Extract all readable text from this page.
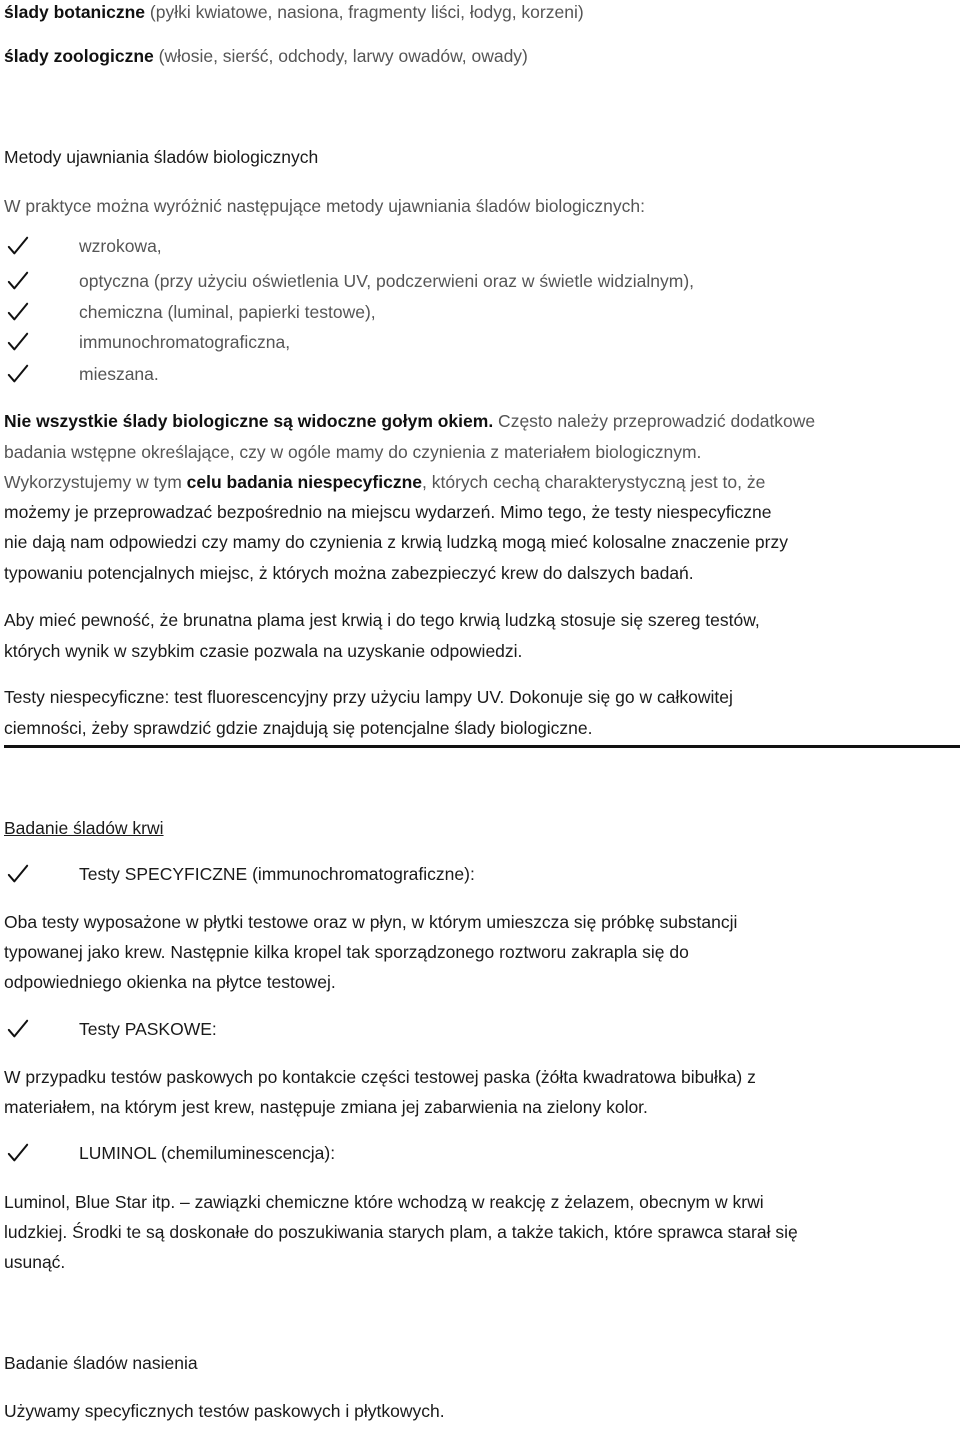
ślady botaniczne (pyłki kwiatowe, nasiona, fragmenty liści, łodyg, korzeni)
ślady zoologiczne (włosie, sierść, odchody, larwy owadów, owady)
Metody ujawniania śladów biologicznych
W praktyce można wyróżnić następujące metody ujawniania śladów biologicznych:
wzrokowa,
optyczna (przy użyciu oświetlenia UV, podczerwieni oraz w świetle widzialnym),
chemiczna (luminal, papierki testowe),
immunochromatograficzna,
mieszana.
Nie wszystkie ślady biologiczne są widoczne gołym okiem. Często należy przeprowadzić dodatkowe
badania wstępne określające, czy w ogóle mamy do czynienia z materiałem biologicznym.
Wykorzystujemy w tym celu badania niespecyficzne, których cechą charakterystyczną jest to, że
możemy je przeprowadzać bezpośrednio na miejscu wydarzeń. Mimo tego, że testy niespecyficzne
nie dają nam odpowiedzi czy mamy do czynienia z krwią ludzką mogą mieć kolosalne znaczenie przy
typowaniu potencjalnych miejsc, ż których można zabezpieczyć krew do dalszych badań.
Aby mieć pewność, że brunatna plama jest krwią i do tego krwią ludzką stosuje się szereg testów,
których wynik w szybkim czasie pozwala na uzyskanie odpowiedzi.
Testy niespecyficzne: test fluorescencyjny przy użyciu lampy UV. Dokonuje się go w całkowitej
ciemności, żeby sprawdzić gdzie znajdują się potencjalne ślady biologiczne.
Badanie śladów krwi
Testy SPECYFICZNE (immunochromatograficzne):
Oba testy wyposażone w płytki testowe oraz w płyn, w którym umieszcza się próbkę substancji
typowanej jako krew. Następnie kilka kropel tak sporządzonego roztworu zakrapla się do
odpowiedniego okienka na płytce testowej.
Testy PASKOWE:
W przypadku testów paskowych po kontakcie części testowej paska (żółta kwadratowa bibułka) z
materiałem, na którym jest krew, następuje zmiana jej zabarwienia na zielony kolor.
LUMINOL (chemiluminescencja):
Luminol, Blue Star itp. – zawiązki chemiczne które wchodzą w reakcję z żelazem, obecnym w krwi
ludzkiej. Środki te są doskonałe do poszukiwania starych plam, a także takich, które sprawca starał się
usunąć.
Badanie śladów nasienia
Używamy specyficznych testów paskowych i płytkowych.
